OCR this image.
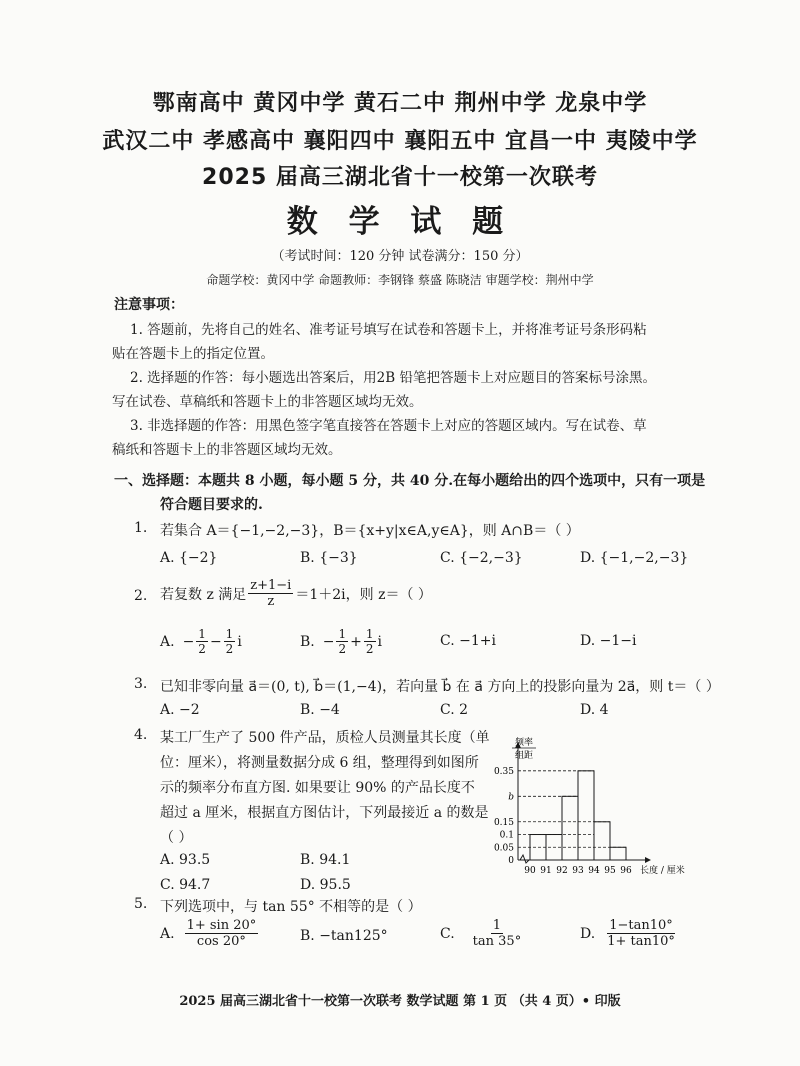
鄂南高中 黄冈中学 黄石二中 荆州中学 龙泉中学
武汉二中 孝感高中 襄阳四中 襄阳五中 宜昌一中 夷陵中学
2025 届高三湖北省十一校第一次联考
数 学 试 题
（考试时间：120 分钟 试卷满分：150 分）
命题学校：黄冈中学 命题教师：李钢锋 蔡盛 陈晓洁 审题学校：荆州中学
注意事项：
1. 答题前，先将自己的姓名、准考证号填写在试卷和答题卡上，并将准考证号条形码粘
贴在答题卡上的指定位置。
2. 选择题的作答：每小题选出答案后，用2B 铅笔把答题卡上对应题目的答案标号涂黑。
写在试卷、草稿纸和答题卡上的非答题区域均无效。
3. 非选择题的作答：用黑色签字笔直接答在答题卡上对应的答题区域内。写在试卷、草
稿纸和答题卡上的非答题区域均无效。
一、选择题：本题共 8 小题，每小题 5 分，共 40 分.在每小题给出的四个选项中，只有一项是
符合题目要求的.
1. 若集合 A＝{−1,−2,−3}，B＝{x+y|x∈A,y∈A}，则 A∩B＝（ ）
A. {−2}	B. {−3}	C. {−2,−3}	D. {−1,−2,−3}
2. 若复数 z 满足 $\frac{z+1-i}{z} =1+2i$，则 z＝（ ）
A. − $\frac{1}{2} - \frac{1}{2}$ i	B. − $\frac{1}{2} + \frac{1}{2}$ i	C. −1+i	D. −1−i
3. 已知非零向量 a⃗＝(0, t), b⃗＝(1,−4)，若向量 b⃗ 在 a⃗ 方向上的投影向量为 2a⃗，则 t＝（ ）
A. −2	B. −4	C. 2	D. 4
4. 某工厂生产了 500 件产品，质检人员测量其长度（单
位：厘米），将测量数据分成 6 组，整理得到如图所
示的频率分布直方图. 如果要让 90% 的产品长度不
超过 a 厘米，根据直方图估计，下列最接近 a 的数是
（ ）
A. 93.5	B. 94.1
C. 94.7	D. 95.5
频率
组距
0.35
b
0.15
0.1
0.05
0
90 91 92 93 94 95 96 长度 / 厘米
5. 下列选项中，与 tan 55° 不相等的是（ ）
A. $\frac{1+ \sin 20^\circ}{\cos 20^\circ}$	B. −tan125°	C. $\frac{1}{\tan 35^\circ}$	D. $\frac{1-\tan 10^\circ}{1+ \tan 10^\circ}$
2025 届高三湖北省十一校第一次联考 数学试题 第 1 页 （共 4 页）• 印版
